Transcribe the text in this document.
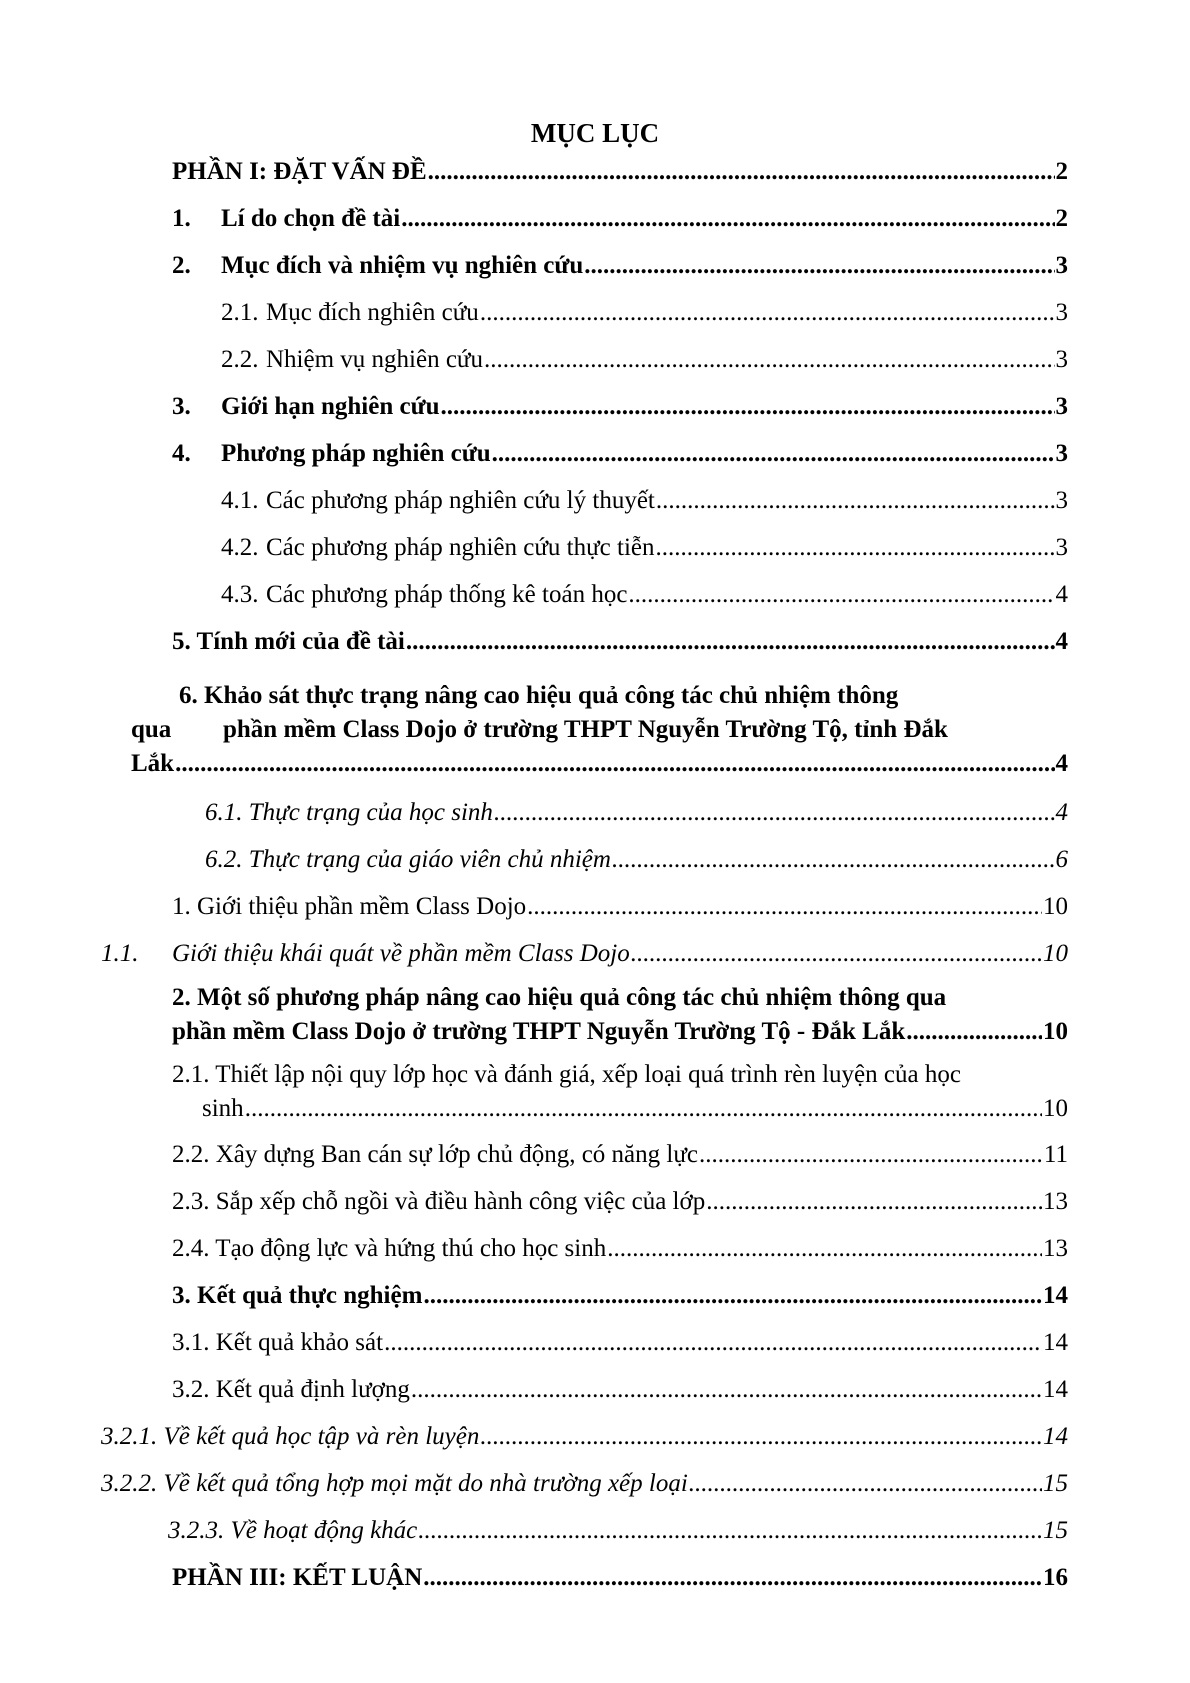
MỤC LỤC
PHẦN I: ĐẶT VẤN ĐỀ .....	2
1.	Lí do chọn đề tài .....	2
2.	Mục đích và nhiệm vụ nghiên cứu .....	3
2.1. Mục đích nghiên cứu .....	3
2.2. Nhiệm vụ nghiên cứu .....	3
3.	Giới hạn nghiên cứu .....	3
4.	Phương pháp nghiên cứu .....	3
4.1. Các phương pháp nghiên cứu lý thuyết .....	3
4.2. Các phương pháp nghiên cứu thực tiễn .....	3
4.3. Các phương pháp thống kê toán học .....	4
5. Tính mới của đề tài .....	4
6. Khảo sát thực trạng nâng cao hiệu quả công tác chủ nhiệm thông
qua	phần mềm Class Dojo ở trường THPT Nguyễn Trường Tộ, tỉnh Đắk
Lắk .....	4
6.1. Thực trạng của học sinh .....	4
6.2. Thực trạng của giáo viên chủ nhiệm .....	6
1. Giới thiệu phần mềm Class Dojo .....	10
1.1.	Giới thiệu khái quát về phần mềm Class Dojo .....	10
2. Một số phương pháp nâng cao hiệu quả công tác chủ nhiệm thông qua
phần mềm Class Dojo ở trường THPT Nguyễn Trường Tộ - Đắk Lắk .....	10
2.1. Thiết lập nội quy lớp học và đánh giá, xếp loại quá trình rèn luyện của học
sinh .....	10
2.2. Xây dựng Ban cán sự lớp chủ động, có năng lực .....	11
2.3. Sắp xếp chỗ ngồi và điều hành công việc của lớp .....	13
2.4. Tạo động lực và hứng thú cho học sinh .....	13
3. Kết quả thực nghiệm .....	14
3.1. Kết quả khảo sát .....	14
3.2. Kết quả định lượng .....	14
3.2.1. Về kết quả học tập và rèn luyện .....	14
3.2.2. Về kết quả tổng hợp mọi mặt do nhà trường xếp loại .....	15
3.2.3. Về hoạt động khác .....	15
PHẦN III: KẾT LUẬN .....	16
